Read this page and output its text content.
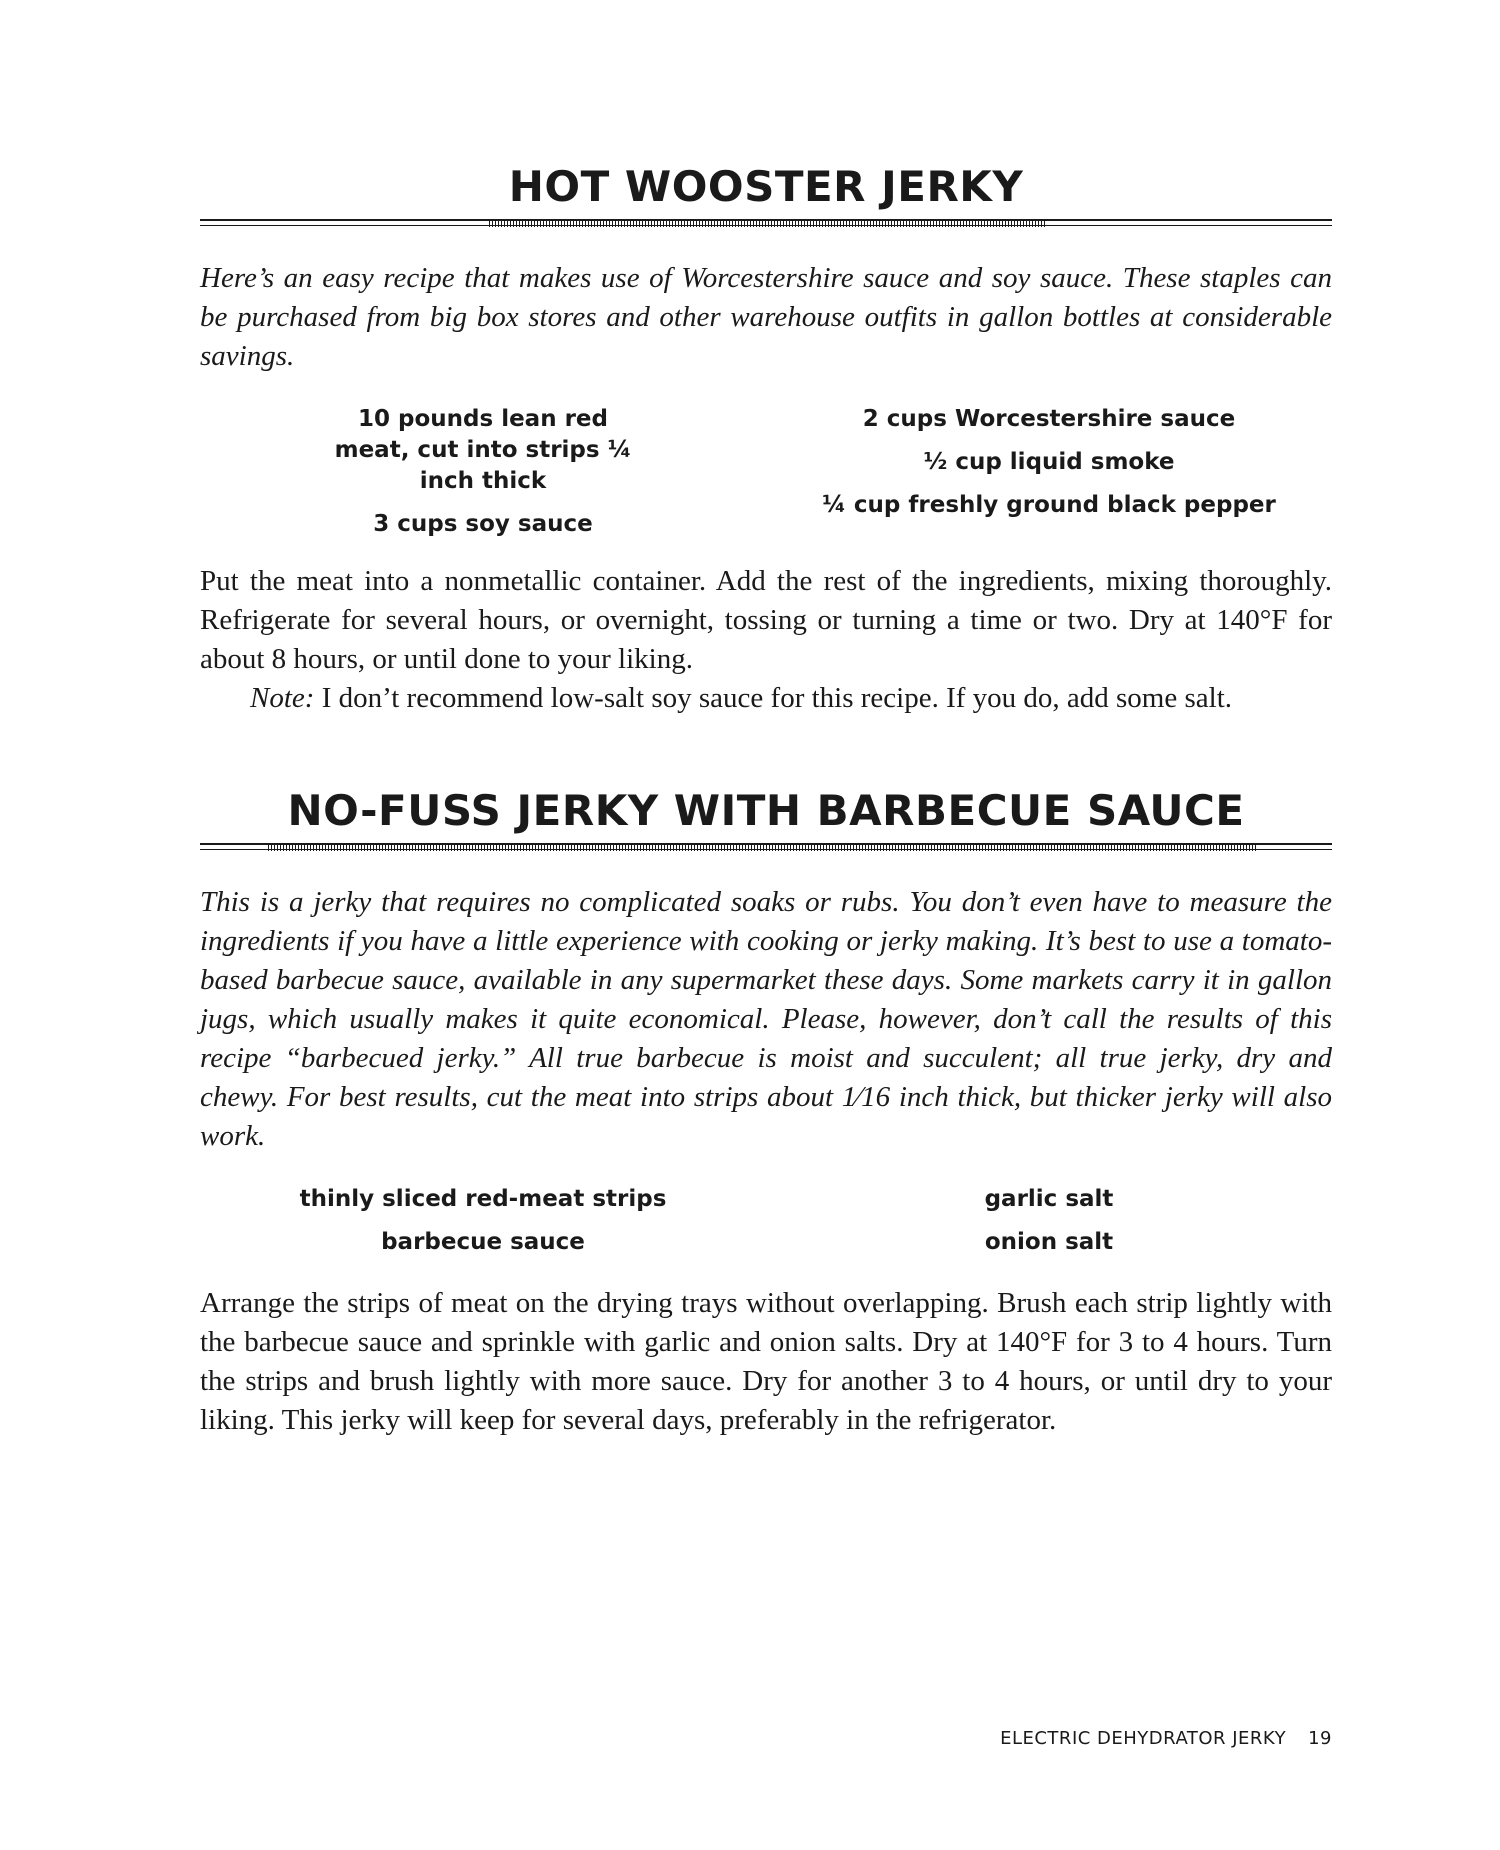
HOT WOOSTER JERKY

Here’s an easy recipe that makes use of Worcestershire sauce and soy sauce. These staples can be purchased from big box stores and other warehouse outfits in gallon bottles at considerable savings.

10 pounds lean red meat, cut into strips ¼ inch thick

3 cups soy sauce

2 cups Worcestershire sauce

½ cup liquid smoke

¼ cup freshly ground black pepper

Put the meat into a nonmetallic container. Add the rest of the ingredients, mixing thoroughly. Refrigerate for several hours, or overnight, tossing or turning a time or two. Dry at 140°F for about 8 hours, or until done to your liking.

Note: I don’t recommend low-salt soy sauce for this recipe. If you do, add some salt.

NO-FUSS JERKY WITH BARBECUE SAUCE

This is a jerky that requires no complicated soaks or rubs. You don’t even have to measure the ingredients if you have a little experience with cooking or jerky making. It’s best to use a tomato-based barbecue sauce, available in any supermarket these days. Some markets carry it in gallon jugs, which usually makes it quite economical. Please, however, don’t call the results of this recipe “barbecued jerky.” All true barbecue is moist and succulent; all true jerky, dry and chewy. For best results, cut the meat into strips about 1⁄16 inch thick, but thicker jerky will also work.

thinly sliced red-meat strips

barbecue sauce

garlic salt

onion salt

Arrange the strips of meat on the drying trays without overlapping. Brush each strip lightly with the barbecue sauce and sprinkle with garlic and onion salts. Dry at 140°F for 3 to 4 hours. Turn the strips and brush lightly with more sauce. Dry for another 3 to 4 hours, or until dry to your liking. This jerky will keep for several days, preferably in the refrigerator.

ELECTRIC DEHYDRATOR JERKY 19
